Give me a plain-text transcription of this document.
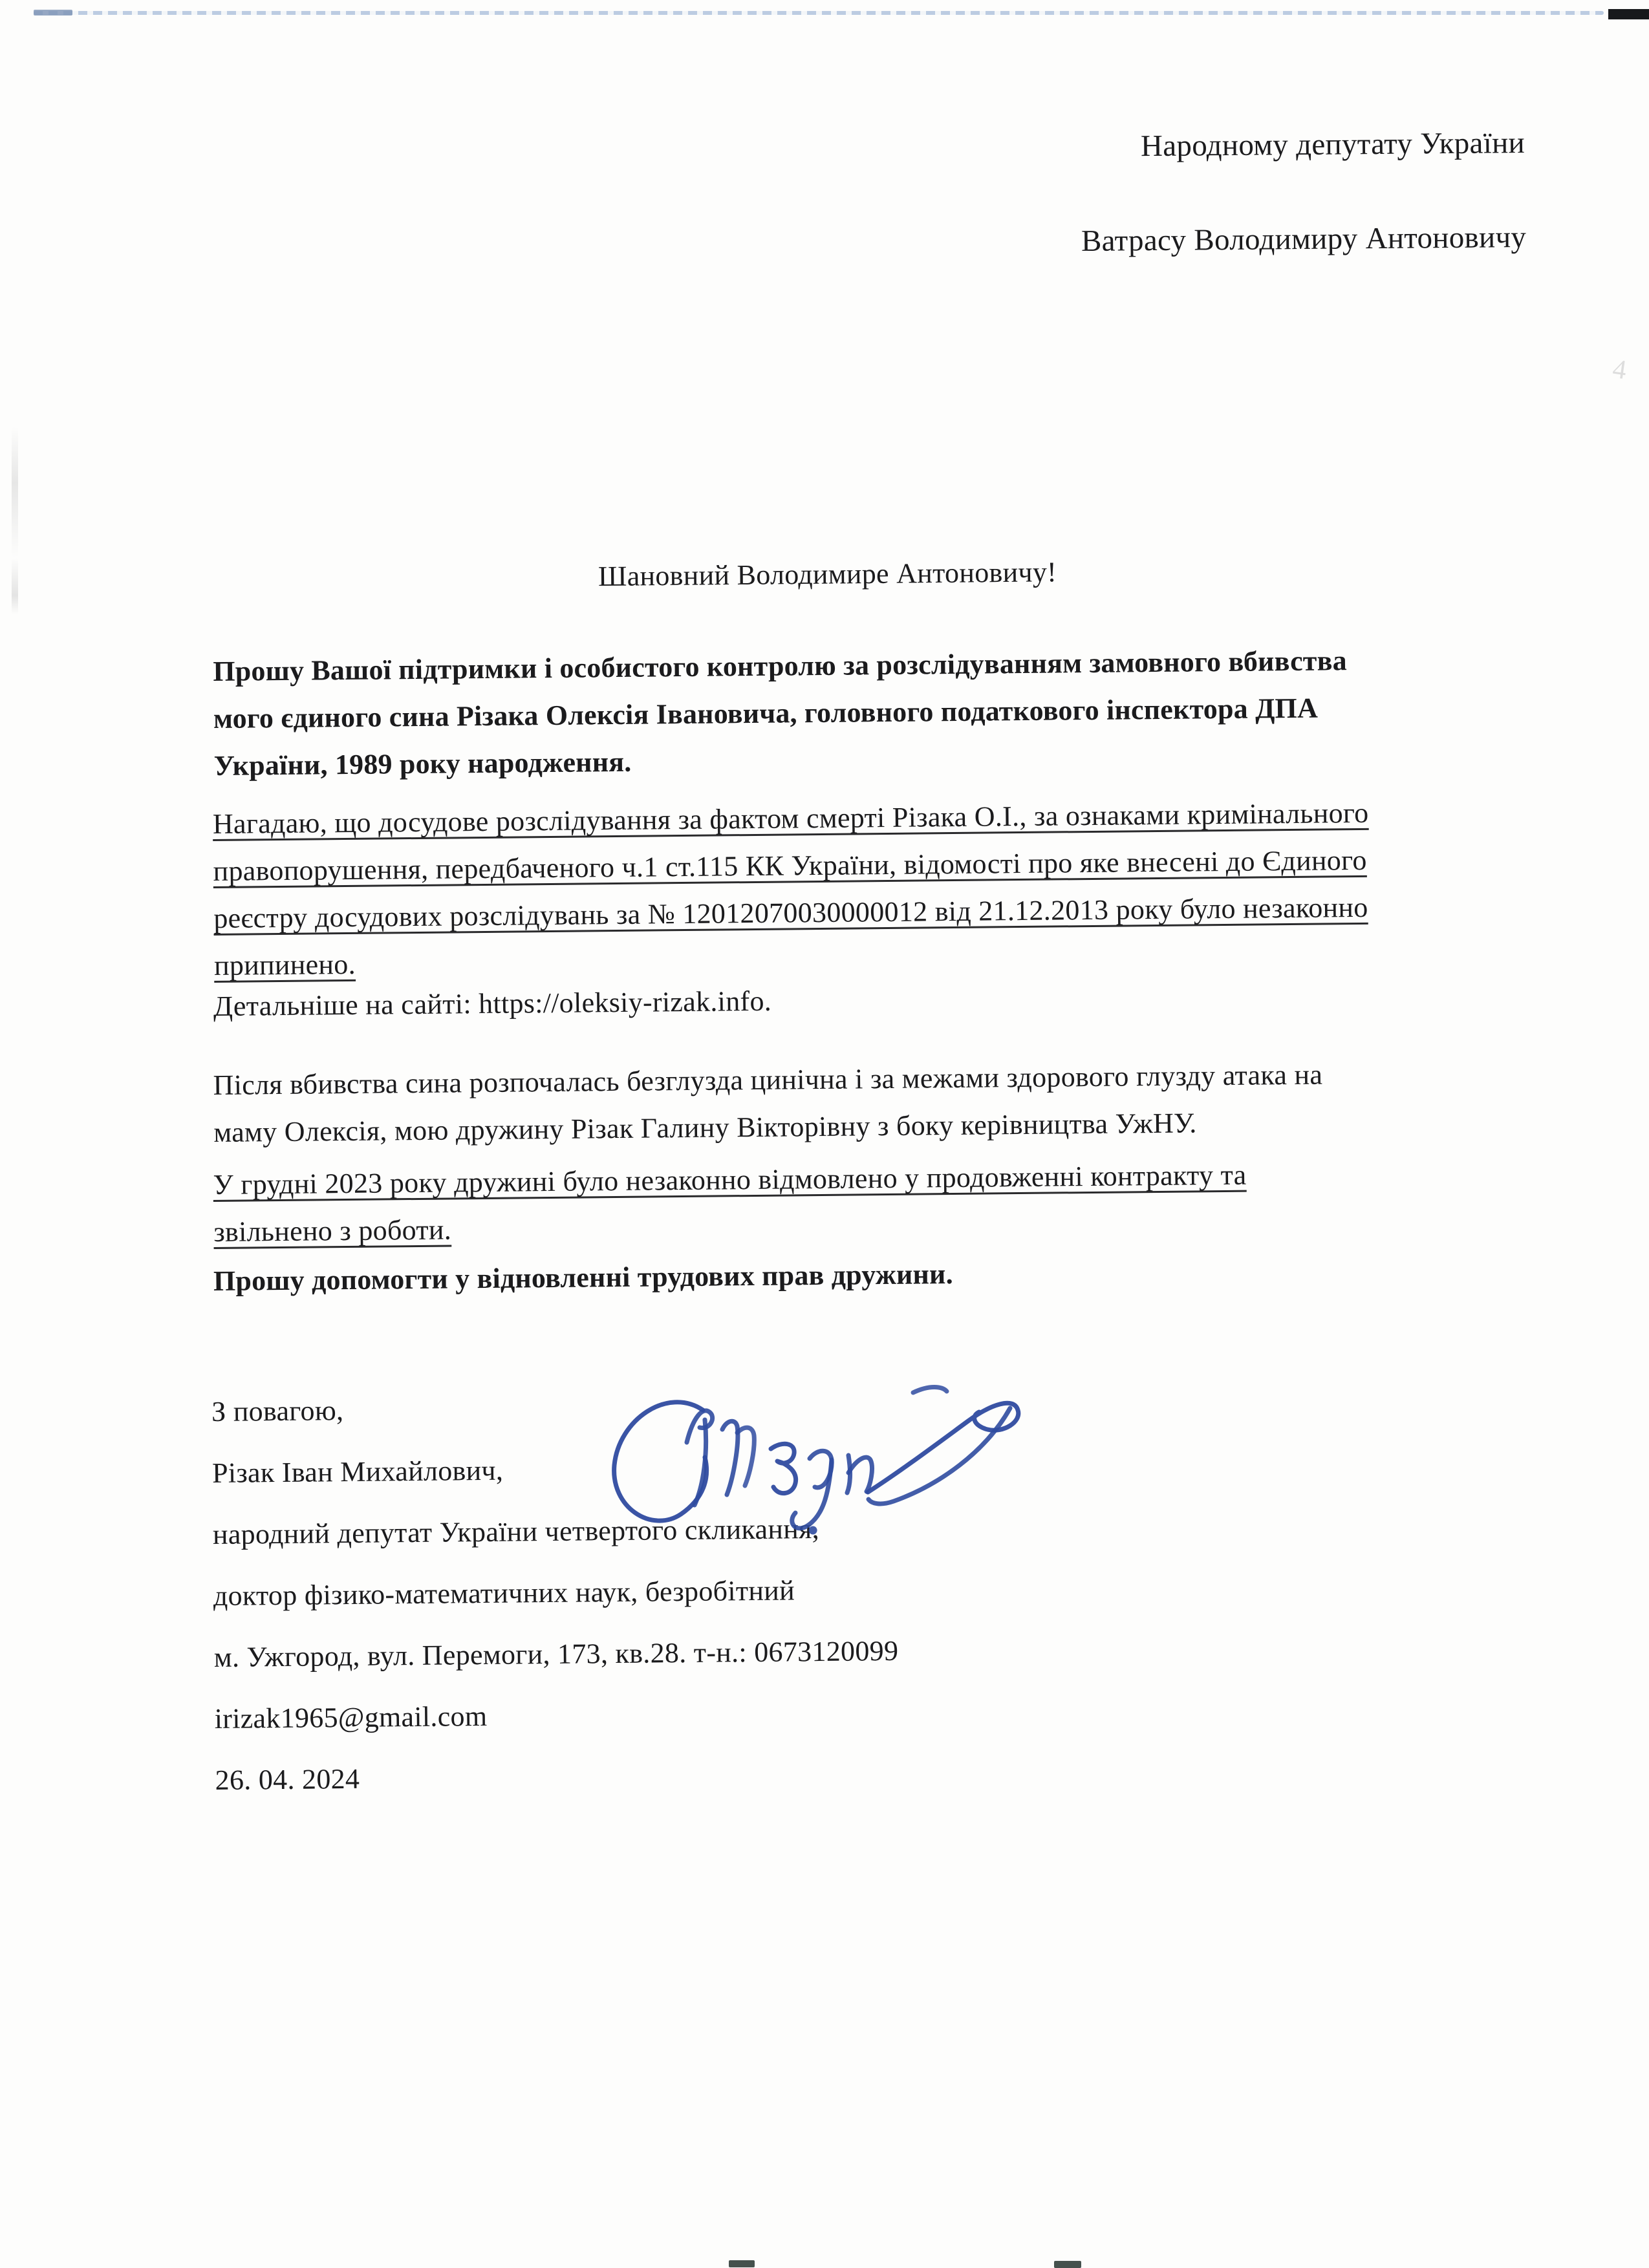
4
Народному депутату України
Ватрасу Володимиру Антоновичу
Шановний Володимире Антоновичу!
Прошу Вашої підтримки і особистого контролю за розслідуванням замовного вбивства
мого єдиного сина Різака Олексія Івановича, головного податкового інспектора ДПА
України, 1989 року народження.
Нагадаю, що досудове розслідування за фактом смерті Різака О.І., за ознаками кримінального
правопорушення, передбаченого ч.1 ст.115 КК України, відомості про яке внесені до Єдиного
реєстру досудових розслідувань за № 12012070030000012 від 21.12.2013 року було незаконно
припинено.
Детальніше на сайті: https://oleksiy-rizak.info.
Після вбивства сина розпочалась безглузда цинічна і за межами здорового глузду атака на
маму Олексія, мою дружину Різак Галину Вікторівну з боку керівництва УжНУ.
У грудні 2023 року дружині було незаконно відмовлено у продовженні контракту та
звільнено з роботи.
Прошу допомогти у відновленні трудових прав дружини.
З повагою,
Різак Іван Михайлович,
народний депутат України четвертого скликання,
доктор фізико-математичних наук, безробітний
м. Ужгород, вул. Перемоги, 173, кв.28. т-н.: 0673120099
irizak1965@gmail.com
26. 04. 2024
